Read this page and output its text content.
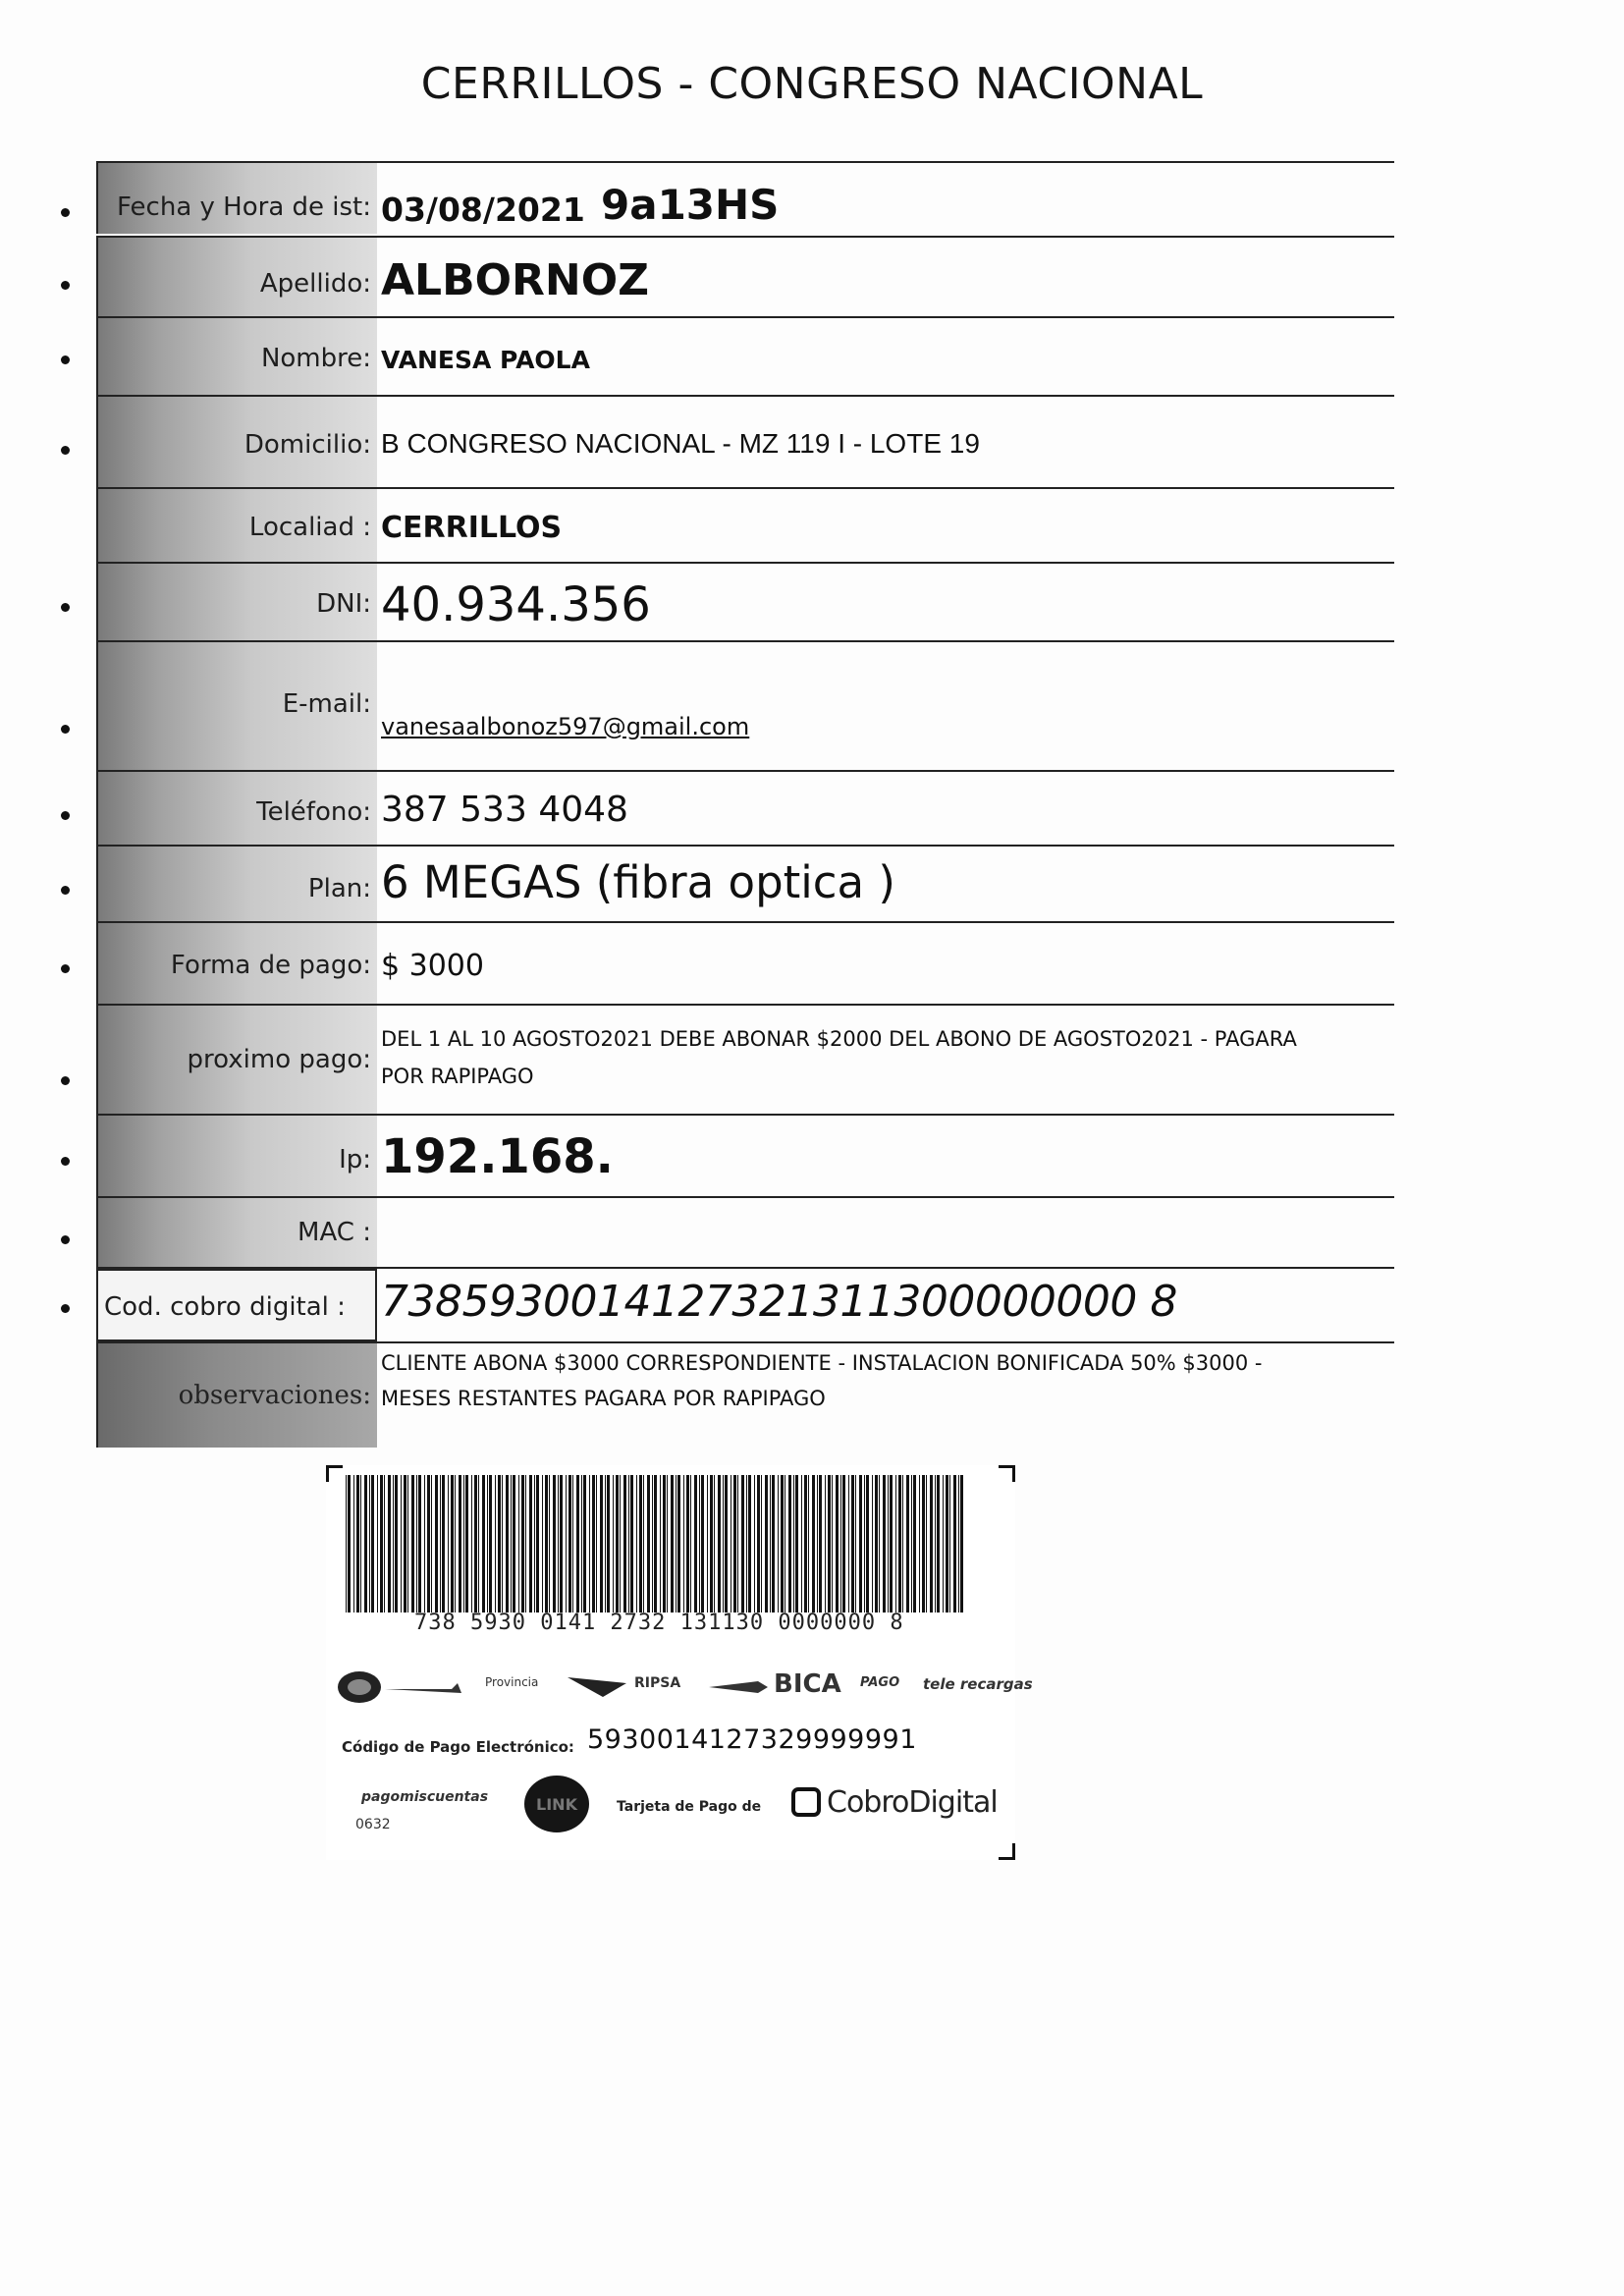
CERRILLOS - CONGRESO NACIONAL
Fecha y Hora de ist: 03/08/2021 9a13HS
Apellido: ALBORNOZ
Nombre: VANESA PAOLA
Domicilio: B CONGRESO NACIONAL - MZ 119 I - LOTE 19
Localiad : CERRILLOS
DNI: 40.934.356
E-mail:
vanesaalbonoz597@gmail.com
Teléfono: 387 533 4048
Plan: 6 MEGAS (fibra optica )
Forma de pago: $ 3000
proximo pago:
DEL 1 AL 10 AGOSTO2021 DEBE ABONAR $2000 DEL ABONO DE AGOSTO2021 - PAGARA
POR RAPIPAGO
Ip: 192.168.
MAC :
Cod. cobro digital : 7385930014127321311300000000 8
observaciones:
CLIENTE ABONA $3000 CORRESPONDIENTE - INSTALACION BONIFICADA 50% $3000 -
MESES RESTANTES PAGARA POR RAPIPAGO
738 5930 0141 2732 131130 0000000 8
Provincia	RIPSA	BICA PAGO tele recargas
Código de Pago Electrónico: 5930014127329999991
pagomiscuentas
0632
LINK	Tarjeta de Pago de CobroDigital
